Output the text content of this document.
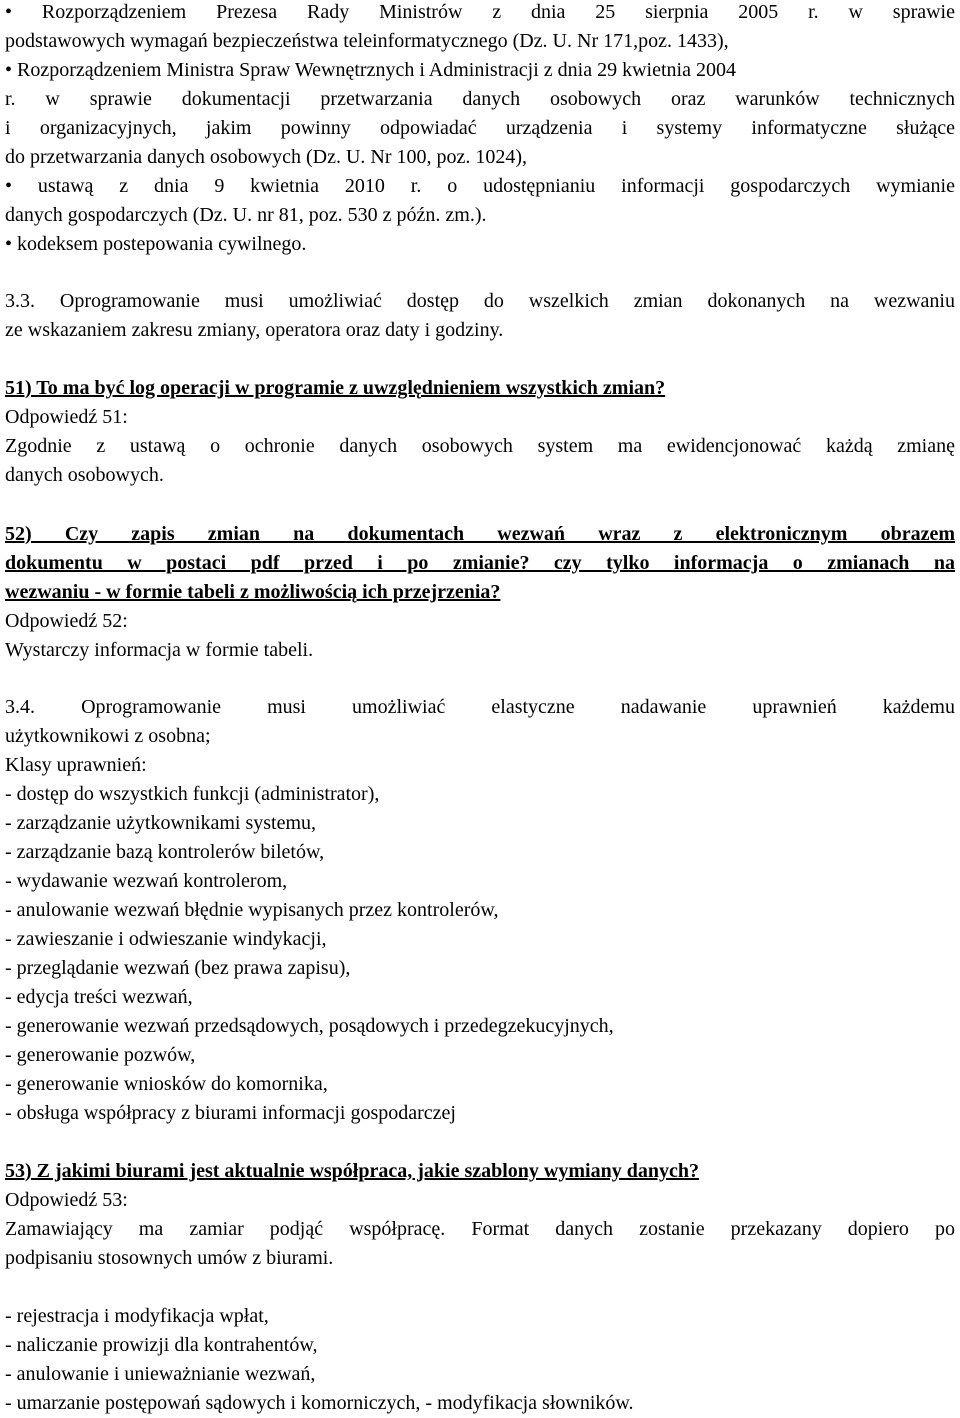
• Rozporządzeniem Prezesa Rady Ministrów z dnia 25 sierpnia 2005 r. w sprawie
podstawowych wymagań bezpieczeństwa teleinformatycznego (Dz. U. Nr 171,poz. 1433),
• Rozporządzeniem Ministra Spraw Wewnętrznych i Administracji z dnia 29 kwietnia 2004
r. w sprawie dokumentacji przetwarzania danych osobowych oraz warunków technicznych
i organizacyjnych, jakim powinny odpowiadać urządzenia i systemy informatyczne służące
do przetwarzania danych osobowych (Dz. U. Nr 100, poz. 1024),
• ustawą z dnia 9 kwietnia 2010 r. o udostępnianiu informacji gospodarczych wymianie
danych gospodarczych (Dz. U. nr 81, poz. 530 z późn. zm.).
• kodeksem postepowania cywilnego.
3.3. Oprogramowanie musi umożliwiać dostęp do wszelkich zmian dokonanych na wezwaniu
ze wskazaniem zakresu zmiany, operatora oraz daty i godziny.
51) To ma być log operacji w programie z uwzględnieniem wszystkich zmian?
Odpowiedź 51:
Zgodnie z ustawą o ochronie danych osobowych system ma ewidencjonować każdą zmianę
danych osobowych.
52) Czy zapis zmian na dokumentach wezwań wraz z elektronicznym obrazem
dokumentu w postaci pdf przed i po zmianie? czy tylko informacja o zmianach na
wezwaniu - w formie tabeli z możliwością ich przejrzenia?
Odpowiedź 52:
Wystarczy informacja w formie tabeli.
3.4. Oprogramowanie musi umożliwiać elastyczne nadawanie uprawnień każdemu
użytkownikowi z osobna;
Klasy uprawnień:
- dostęp do wszystkich funkcji (administrator),
- zarządzanie użytkownikami systemu,
- zarządzanie bazą kontrolerów biletów,
- wydawanie wezwań kontrolerom,
- anulowanie wezwań błędnie wypisanych przez kontrolerów,
- zawieszanie i odwieszanie windykacji,
- przeglądanie wezwań (bez prawa zapisu),
- edycja treści wezwań,
- generowanie wezwań przedsądowych, posądowych i przedegzekucyjnych,
- generowanie pozwów,
- generowanie wniosków do komornika,
- obsługa współpracy z biurami informacji gospodarczej
53) Z jakimi biurami jest aktualnie współpraca, jakie szablony wymiany danych?
Odpowiedź 53:
Zamawiający ma zamiar podjąć współpracę. Format danych zostanie przekazany dopiero po
podpisaniu stosownych umów z biurami.
- rejestracja i modyfikacja wpłat,
- naliczanie prowizji dla kontrahentów,
- anulowanie i unieważnianie wezwań,
- umarzanie postępowań sądowych i komorniczych, - modyfikacja słowników.
